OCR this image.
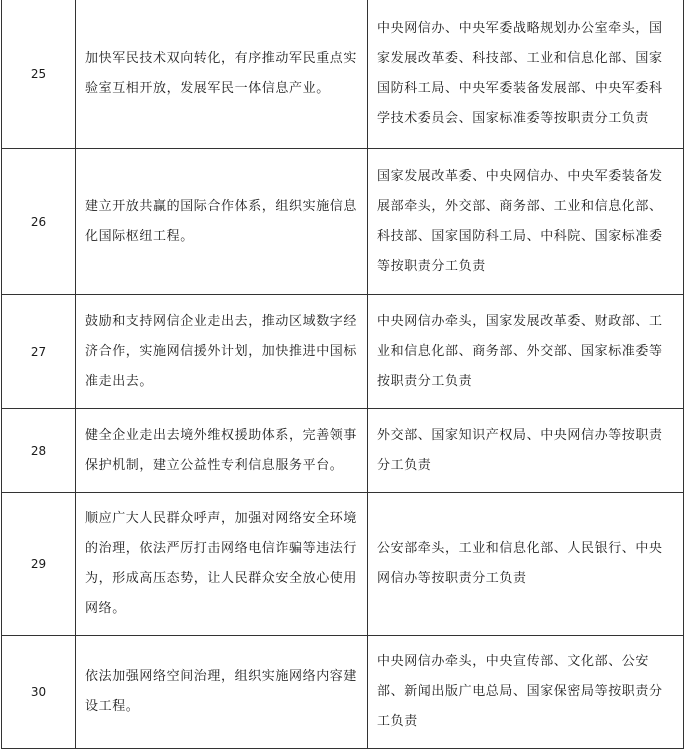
25	加快军民技术双向转化，有序推动军民重点实验室互相开放，发展军民一体信息产业。	中央网信办、中央军委战略规划办公室牵头，国家发展改革委、科技部、工业和信息化部、国家国防科工局、中央军委装备发展部、中央军委科学技术委员会、国家标准委等按职责分工负责
26	建立开放共赢的国际合作体系，组织实施信息化国际枢纽工程。	国家发展改革委、中央网信办、中央军委装备发展部牵头，外交部、商务部、工业和信息化部、科技部、国家国防科工局、中科院、国家标准委等按职责分工负责
27	鼓励和支持网信企业走出去，推动区域数字经济合作，实施网信援外计划，加快推进中国标准走出去。	中央网信办牵头，国家发展改革委、财政部、工业和信息化部、商务部、外交部、国家标准委等按职责分工负责
28	健全企业走出去境外维权援助体系，完善领事保护机制，建立公益性专利信息服务平台。	外交部、国家知识产权局、中央网信办等按职责分工负责
29	顺应广大人民群众呼声，加强对网络安全环境的治理，依法严厉打击网络电信诈骗等违法行为，形成高压态势，让人民群众安全放心使用网络。	公安部牵头，工业和信息化部、人民银行、中央网信办等按职责分工负责
30	依法加强网络空间治理，组织实施网络内容建设工程。	中央网信办牵头，中央宣传部、文化部、公安部、新闻出版广电总局、国家保密局等按职责分工负责
